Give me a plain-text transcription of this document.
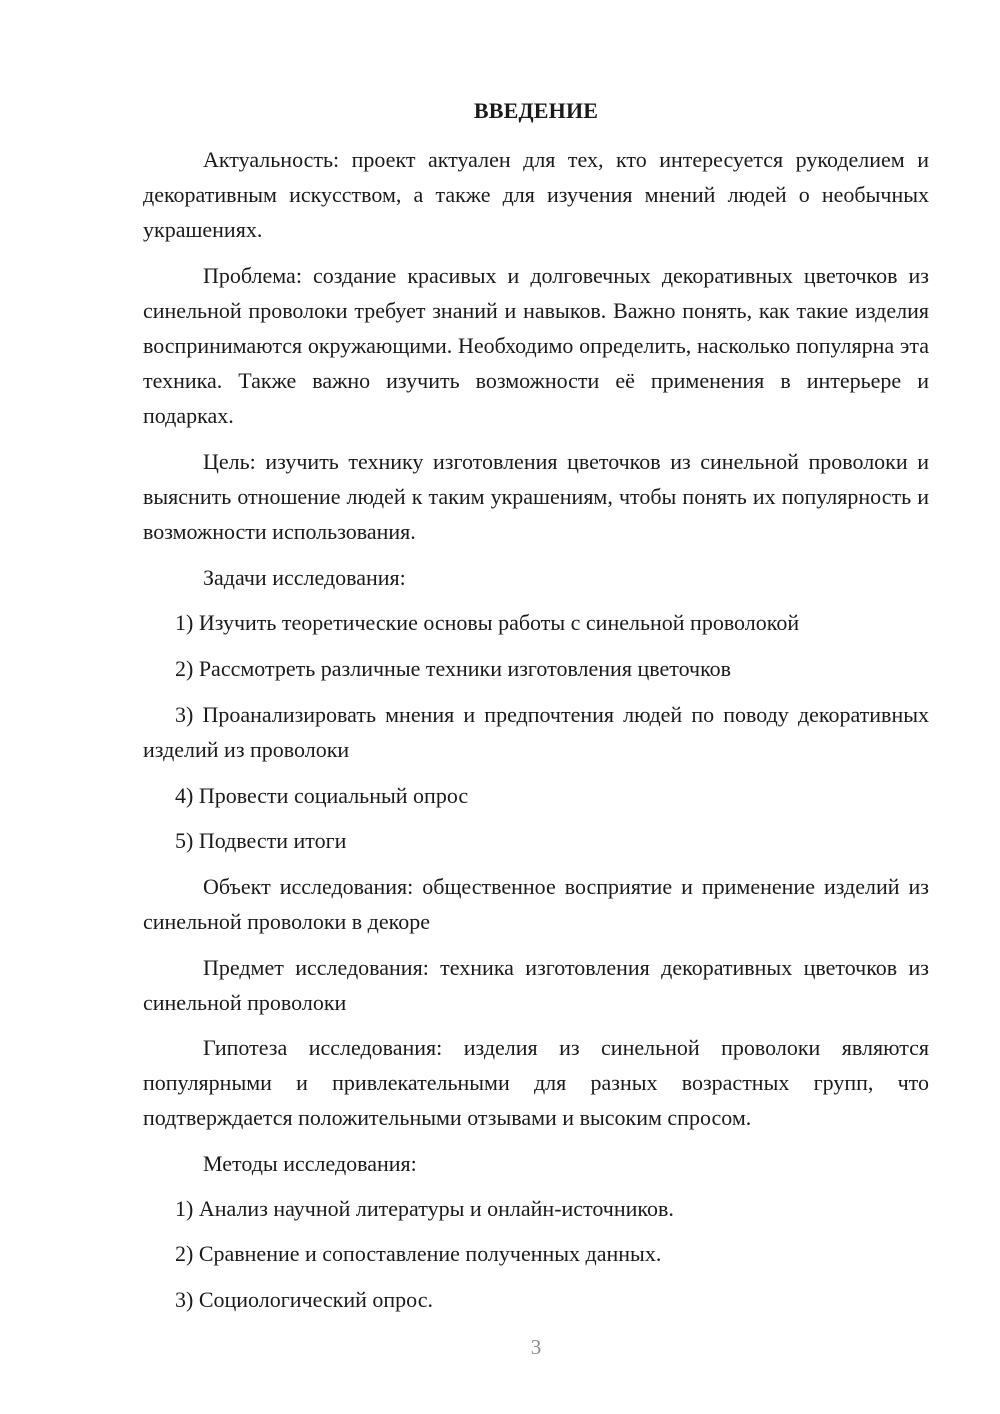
ВВЕДЕНИЕ

Актуальность: проект актуален для тех, кто интересуется рукоделием и декоративным искусством, а также для изучения мнений людей о необычных украшениях.

Проблема: создание красивых и долговечных декоративных цветочков из синельной проволоки требует знаний и навыков. Важно понять, как такие изделия воспринимаются окружающими. Необходимо определить, насколько популярна эта техника. Также важно изучить возможности её применения в интерьере и подарках.

Цель: изучить технику изготовления цветочков из синельной проволоки и выяснить отношение людей к таким украшениям, чтобы понять их популярность и возможности использования.

Задачи исследования:

1) Изучить теоретические основы работы с синельной проволокой

2) Рассмотреть различные техники изготовления цветочков

3) Проанализировать мнения и предпочтения людей по поводу декоративных изделий из проволоки

4) Провести социальный опрос

5) Подвести итоги

Объект исследования: общественное восприятие и применение изделий из синельной проволоки в декоре

Предмет исследования: техника изготовления декоративных цветочков из синельной проволоки

Гипотеза исследования: изделия из синельной проволоки являются популярными и привлекательными для разных возрастных групп, что подтверждается положительными отзывами и высоким спросом.

Методы исследования:

1) Анализ научной литературы и онлайн-источников.

2) Сравнение и сопоставление полученных данных.

3) Социологический опрос.

3
